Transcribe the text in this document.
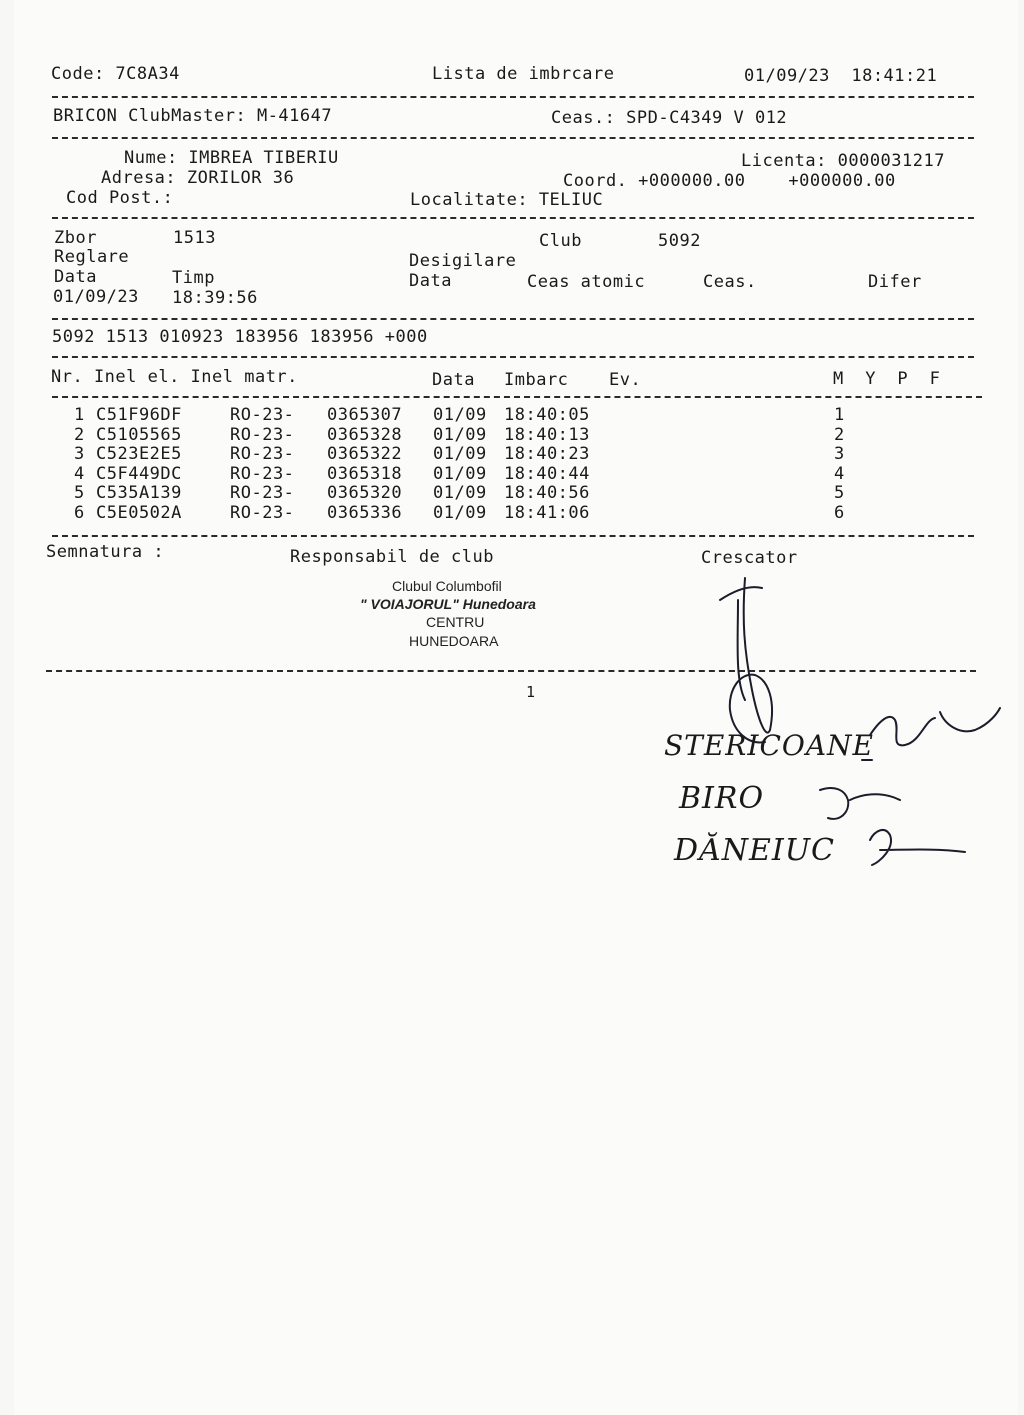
Code: 7C8A34	Lista de imbrcare	01/09/23  18:41:21
BRICON ClubMaster: M-41647	Ceas.: SPD-C4349 V 012
Nume: IMBREA TIBERIU	Licenta: 0000031217
Adresa: ZORILOR 36	Coord. +000000.00    +000000.00
Cod Post.:	Localitate: TELIUC
Zbor	1513	Club	5092
Reglare	Desigilare
Data	Timp	Data	Ceas atomic	Ceas.	Difer
01/09/23 18:39:56
5092 1513 010923 183956 183956 +000
Nr. Inel el. Inel matr.	Data Imbarc Ev.	M  Y  P  F
1 C51F96DF	RO-23- 0365307 01/09 18:40:05	1
2 C5105565	RO-23- 0365328 01/09 18:40:13	2
3 C523E2E5	RO-23- 0365322 01/09 18:40:23	3
4 C5F449DC	RO-23- 0365318 01/09 18:40:44	4
5 C535A139	RO-23- 0365320 01/09 18:40:56	5
6 C5E0502A	RO-23- 0365336 01/09 18:41:06	6
Semnatura :	Responsabil de club	Crescator
Clubul Columbofil
" VOIAJORUL" Hunedoara
CENTRU
HUNEDOARA
1
STERICOANE
BIRO
DĂNEIUC
